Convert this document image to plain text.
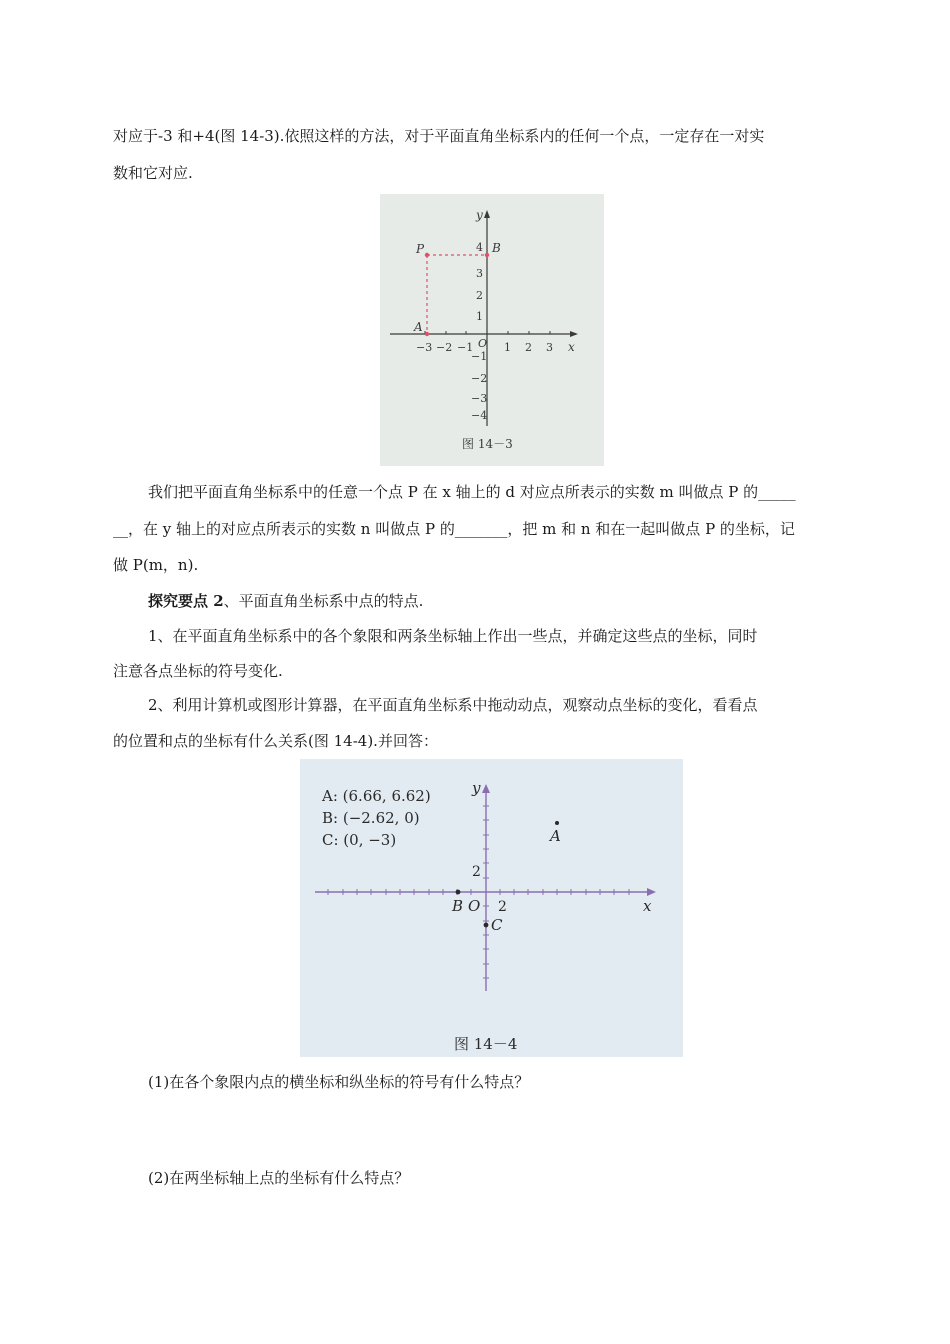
对应于-3 和+4(图 14-3).依照这样的方法，对于平面直角坐标系内的任何一个点，一定存在一对实
数和它对应.
y
x
O
−3 −2 −1	1 2 3
4
3
2
1
−1
−2
−3
−4
P
A
B
图 14－3
我们把平面直角坐标系中的任意一个点 P 在 x 轴上的 d 对应点所表示的实数 m 叫做点 P 的_____
__，在 y 轴上的对应点所表示的实数 n 叫做点 P 的_______，把 m 和 n 和在一起叫做点 P 的坐标，记
做 P(m，n).
探究要点 2、平面直角坐标系中点的特点.
1、在平面直角坐标系中的各个象限和两条坐标轴上作出一些点，并确定这些点的坐标，同时
注意各点坐标的符号变化.
2、利用计算机或图形计算器，在平面直角坐标系中拖动动点，观察动点坐标的变化，看看点
的位置和点的坐标有什么关系(图 14-4).并回答：
y
x
O 2
2
A: (6.66, 6.62)
B: (−2.62, 0)
C: (0, −3)	A
B
C
图 14－4
(1)在各个象限内点的横坐标和纵坐标的符号有什么特点？
(2)在两坐标轴上点的坐标有什么特点？
